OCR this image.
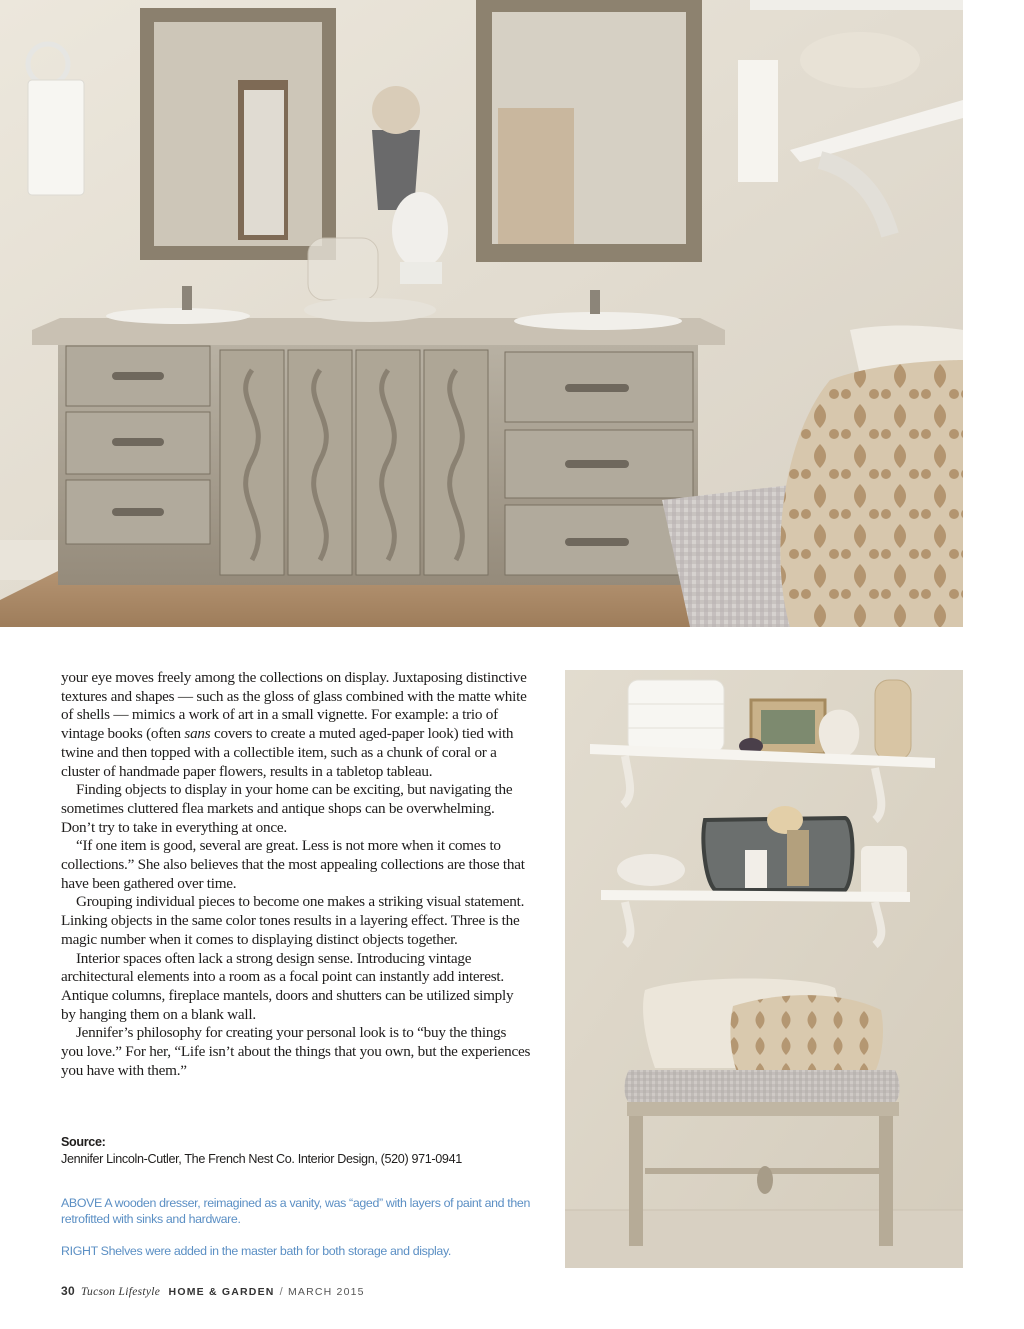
your eye moves freely among the collections on display. Juxtaposing distinctive textures and shapes — such as the gloss of glass combined with the matte white of shells — mimics a work of art in a small vignette. For example: a trio of vintage books (often sans covers to create a muted aged-paper look) tied with twine and then topped with a collectible item, such as a chunk of coral or a cluster of handmade paper flowers, results in a tabletop tableau.

Finding objects to display in your home can be exciting, but navigating the sometimes cluttered flea markets and antique shops can be overwhelming. Don’t try to take in everything at once.

“If one item is good, several are great. Less is not more when it comes to collections.” She also believes that the most appealing collections are those that have been gathered over time.

Grouping individual pieces to become one makes a striking visual statement. Linking objects in the same color tones results in a layering effect. Three is the magic number when it comes to displaying distinct objects together.

Interior spaces often lack a strong design sense. Introducing vintage architectural elements into a room as a focal point can instantly add interest. Antique columns, fireplace mantels, doors and shutters can be utilized simply by hanging them on a blank wall.

Jennifer’s philosophy for creating your personal look is to “buy the things you love.” For her, “Life isn’t about the things that you own, but the experiences you have with them.”

Source:
Jennifer Lincoln-Cutler, The French Nest Co. Interior Design, (520) 971-0941
ABOVE A wooden dresser, reimagined as a vanity, was “aged” with layers of paint and then retrofitted with sinks and hardware.
RIGHT Shelves were added in the master bath for both storage and display.
30 Tucson Lifestyle HOME & GARDEN / MARCH 2015
